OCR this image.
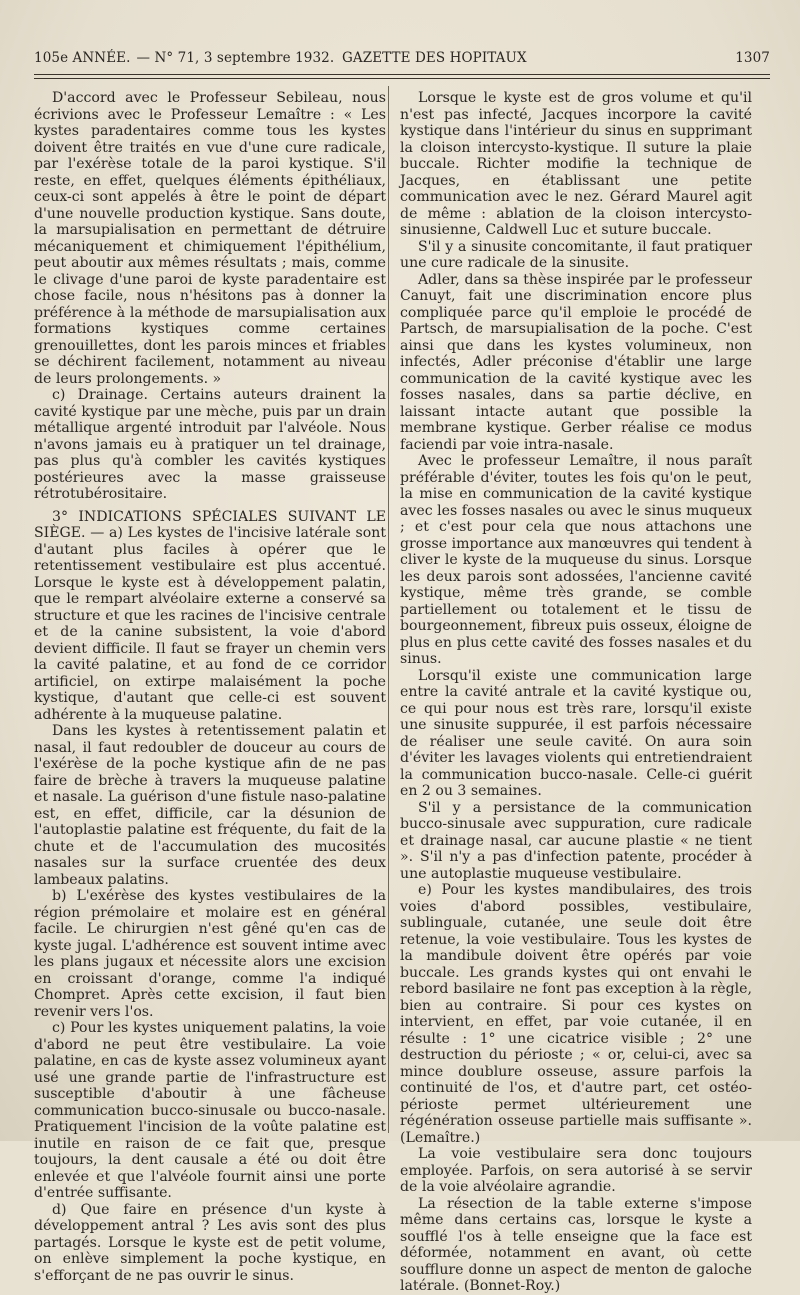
105e ANNÉE. — N° 71, 3 septembre 1932. GAZETTE DES HOPITAUX	1307

D'accord avec le Professeur Sebileau, nous écrivions avec le Professeur Lemaître : « Les kystes paradentaires comme tous les kystes doivent être traités en vue d'une cure radicale, par l'exérèse totale de la paroi kystique. S'il reste, en effet, quelques éléments épithéliaux, ceux-ci sont appelés à être le point de départ d'une nouvelle production kystique. Sans doute, la marsupialisation en permettant de détruire mécaniquement et chimiquement l'épithélium, peut aboutir aux mêmes résultats ; mais, comme le clivage d'une paroi de kyste paradentaire est chose facile, nous n'hésitons pas à donner la préférence à la méthode de marsupialisation aux formations kystiques comme certaines grenouillettes, dont les parois minces et friables se déchirent facilement, notamment au niveau de leurs prolongements. »

c) Drainage. Certains auteurs drainent la cavité kystique par une mèche, puis par un drain métallique argenté introduit par l'alvéole. Nous n'avons jamais eu à pratiquer un tel drainage, pas plus qu'à combler les cavités kystiques postérieures avec la masse graisseuse rétrotubérositaire.

3° INDICATIONS SPÉCIALES SUIVANT LE SIÈGE. — a) Les kystes de l'incisive latérale sont d'autant plus faciles à opérer que le retentissement vestibulaire est plus accentué. Lorsque le kyste est à développement palatin, que le rempart alvéolaire externe a conservé sa structure et que les racines de l'incisive centrale et de la canine subsistent, la voie d'abord devient difficile. Il faut se frayer un chemin vers la cavité palatine, et au fond de ce corridor artificiel, on extirpe malaisément la poche kystique, d'autant que celle-ci est souvent adhérente à la muqueuse palatine.

Dans les kystes à retentissement palatin et nasal, il faut redoubler de douceur au cours de l'exérèse de la poche kystique afin de ne pas faire de brèche à travers la muqueuse palatine et nasale. La guérison d'une fistule naso-palatine est, en effet, difficile, car la désunion de l'autoplastie palatine est fréquente, du fait de la chute et de l'accumulation des mucosités nasales sur la surface cruentée des deux lambeaux palatins.

b) L'exérèse des kystes vestibulaires de la région prémolaire et molaire est en général facile. Le chirurgien n'est gêné qu'en cas de kyste jugal. L'adhérence est souvent intime avec les plans jugaux et nécessite alors une excision en croissant d'orange, comme l'a indiqué Chompret. Après cette excision, il faut bien revenir vers l'os.

c) Pour les kystes uniquement palatins, la voie d'abord ne peut être vestibulaire. La voie palatine, en cas de kyste assez volumineux ayant usé une grande partie de l'infrastructure est susceptible d'aboutir à une fâcheuse communication bucco-sinusale ou bucco-nasale. Pratiquement l'incision de la voûte palatine est inutile en raison de ce fait que, presque toujours, la dent causale a été ou doit être enlevée et que l'alvéole fournit ainsi une porte d'entrée suffisante.

d) Que faire en présence d'un kyste à développement antral ? Les avis sont des plus partagés. Lorsque le kyste est de petit volume, on enlève simplement la poche kystique, en s'efforçant de ne pas ouvrir le sinus.

Lorsque le kyste est de gros volume et qu'il n'est pas infecté, Jacques incorpore la cavité kystique dans l'intérieur du sinus en supprimant la cloison intercysto-kystique. Il suture la plaie buccale. Richter modifie la technique de Jacques, en établissant une petite communication avec le nez. Gérard Maurel agit de même : ablation de la cloison intercysto-sinusienne, Caldwell Luc et suture buccale.

S'il y a sinusite concomitante, il faut pratiquer une cure radicale de la sinusite.

Adler, dans sa thèse inspirée par le professeur Canuyt, fait une discrimination encore plus compliquée parce qu'il emploie le procédé de Partsch, de marsupialisation de la poche. C'est ainsi que dans les kystes volumineux, non infectés, Adler préconise d'établir une large communication de la cavité kystique avec les fosses nasales, dans sa partie déclive, en laissant intacte autant que possible la membrane kystique. Gerber réalise ce modus faciendi par voie intra-nasale.

Avec le professeur Lemaître, il nous paraît préférable d'éviter, toutes les fois qu'on le peut, la mise en communication de la cavité kystique avec les fosses nasales ou avec le sinus muqueux ; et c'est pour cela que nous attachons une grosse importance aux manœuvres qui tendent à cliver le kyste de la muqueuse du sinus. Lorsque les deux parois sont adossées, l'ancienne cavité kystique, même très grande, se comble partiellement ou totalement et le tissu de bourgeonnement, fibreux puis osseux, éloigne de plus en plus cette cavité des fosses nasales et du sinus.

Lorsqu'il existe une communication large entre la cavité antrale et la cavité kystique ou, ce qui pour nous est très rare, lorsqu'il existe une sinusite suppurée, il est parfois nécessaire de réaliser une seule cavité. On aura soin d'éviter les lavages violents qui entretiendraient la communication bucco-nasale. Celle-ci guérit en 2 ou 3 semaines.

S'il y a persistance de la communication bucco-sinusale avec suppuration, cure radicale et drainage nasal, car aucune plastie « ne tient ». S'il n'y a pas d'infection patente, procéder à une autoplastie muqueuse vestibulaire.

e) Pour les kystes mandibulaires, des trois voies d'abord possibles, vestibulaire, sublinguale, cutanée, une seule doit être retenue, la voie vestibulaire. Tous les kystes de la mandibule doivent être opérés par voie buccale. Les grands kystes qui ont envahi le rebord basilaire ne font pas exception à la règle, bien au contraire. Si pour ces kystes on intervient, en effet, par voie cutanée, il en résulte : 1° une cicatrice visible ; 2° une destruction du périoste ; « or, celui-ci, avec sa mince doublure osseuse, assure parfois la continuité de l'os, et d'autre part, cet ostéo-périoste permet ultérieurement une régénération osseuse partielle mais suffisante ». (Lemaître.)

La voie vestibulaire sera donc toujours employée. Parfois, on sera autorisé à se servir de la voie alvéolaire agrandie.

La résection de la table externe s'impose même dans certains cas, lorsque le kyste a soufflé l'os à telle enseigne que la face est déformée, notamment en avant, où cette soufflure donne un aspect de menton de galoche latérale. (Bonnet-Roy.)
